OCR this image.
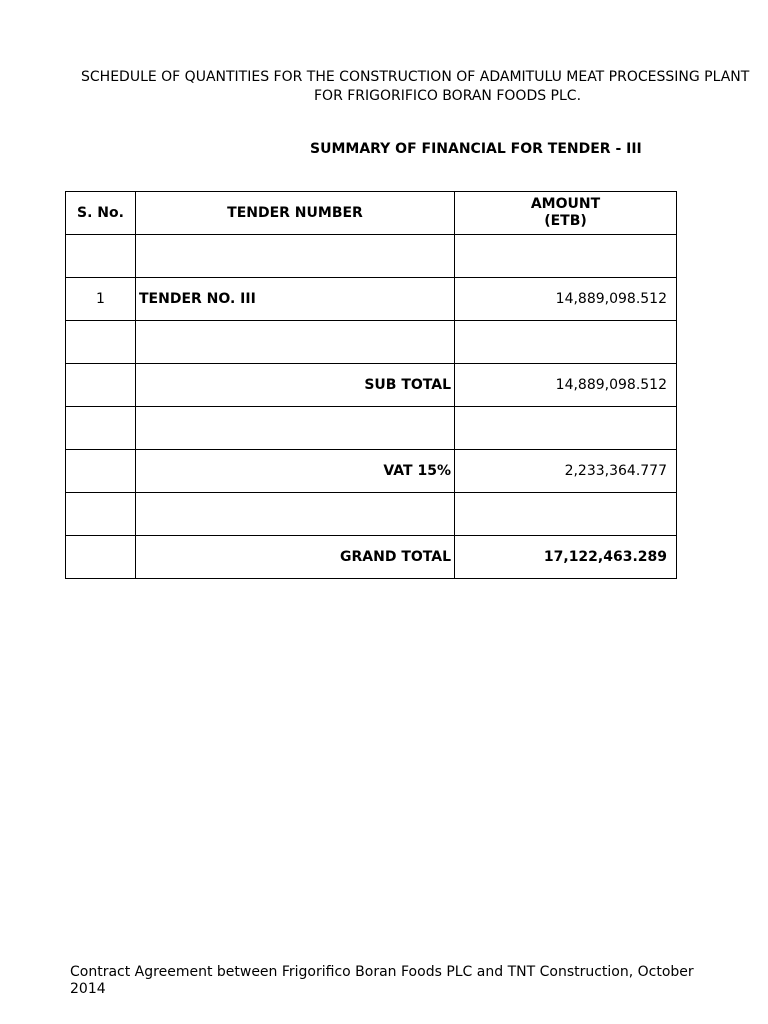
SCHEDULE OF QUANTITIES FOR THE CONSTRUCTION OF ADAMITULU MEAT PROCESSING PLANT
FOR FRIGORIFICO BORAN FOODS PLC.
SUMMARY OF FINANCIAL FOR TENDER - III
S. No.	TENDER NUMBER	AMOUNT
(ETB)

1	TENDER NO. III	14,889,098.512

	SUB TOTAL	14,889,098.512

	VAT 15%	2,233,364.777

	GRAND TOTAL	17,122,463.289
Contract Agreement between Frigorifico Boran Foods PLC and TNT Construction, October 2014
